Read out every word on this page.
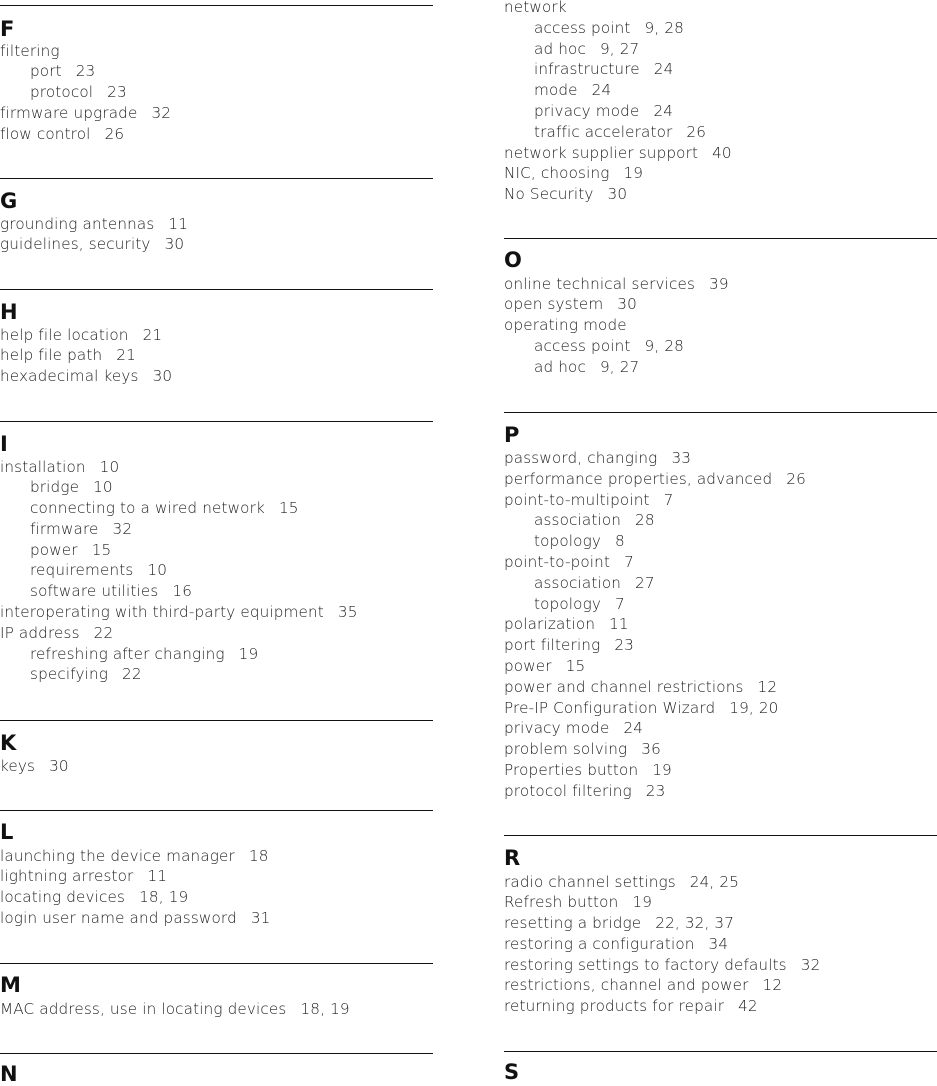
F
filtering
port 23
protocol 23
firmware upgrade 32
flow control 26
G
grounding antennas 11
guidelines, security 30
H
help file location 21
help file path 21
hexadecimal keys 30
I
installation 10
bridge 10
connecting to a wired network 15
firmware 32
power 15
requirements 10
software utilities 16
interoperating with third-party equipment 35
IP address 22
refreshing after changing 19
specifying 22
K
keys 30
L
launching the device manager 18
lightning arrestor 11
locating devices 18, 19
login user name and password 31
M
MAC address, use in locating devices 18, 19
N
network
access point 9, 28
ad hoc 9, 27
infrastructure 24
mode 24
privacy mode 24
traffic accelerator 26
network supplier support 40
NIC, choosing 19
No Security 30
O
online technical services 39
open system 30
operating mode
access point 9, 28
ad hoc 9, 27
P
password, changing 33
performance properties, advanced 26
point-to-multipoint 7
association 28
topology 8
point-to-point 7
association 27
topology 7
polarization 11
port filtering 23
power 15
power and channel restrictions 12
Pre-IP Configuration Wizard 19, 20
privacy mode 24
problem solving 36
Properties button 19
protocol filtering 23
R
radio channel settings 24, 25
Refresh button 19
resetting a bridge 22, 32, 37
restoring a configuration 34
restoring settings to factory defaults 32
restrictions, channel and power 12
returning products for repair 42
S
